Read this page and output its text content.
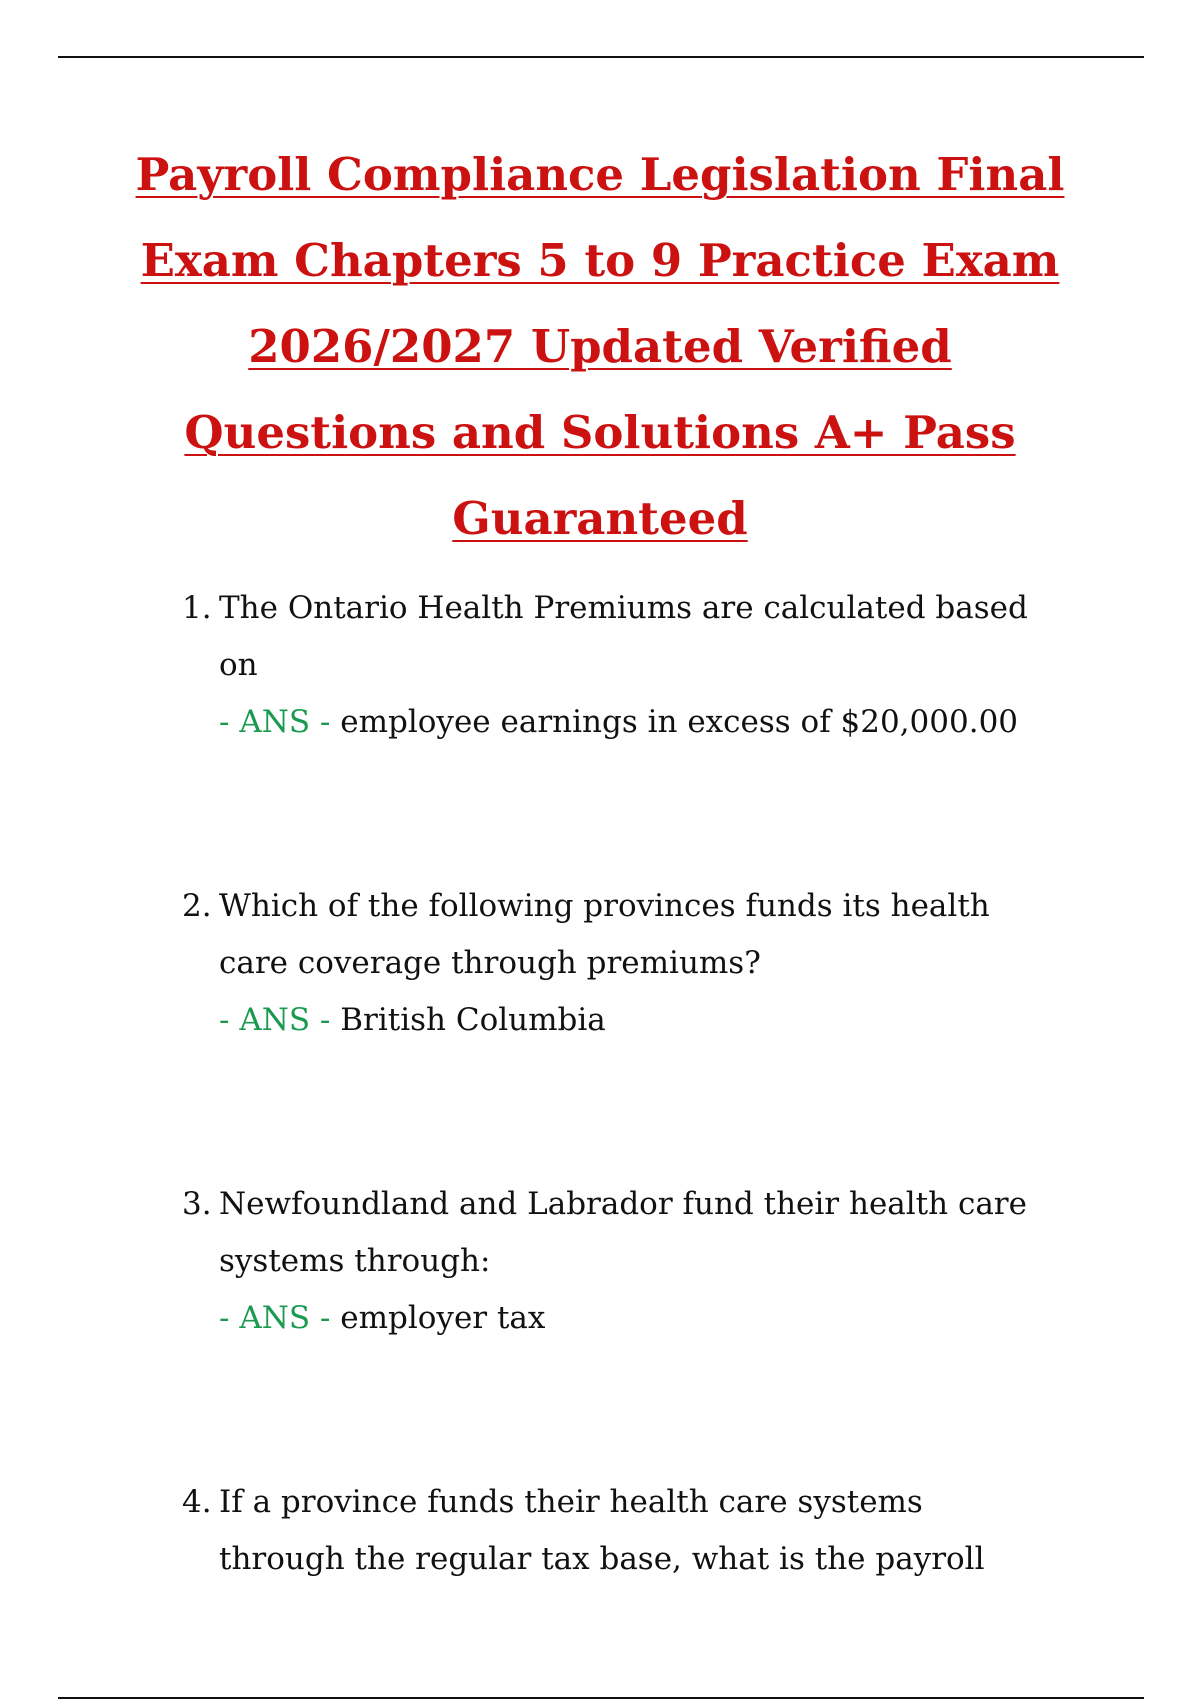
Payroll Compliance Legislation Final
Exam Chapters 5 to 9 Practice Exam
2026/2027 Updated Verified
Questions and Solutions A+ Pass
Guaranteed
1. The Ontario Health Premiums are calculated based
on
- ANS - employee earnings in excess of $20,000.00
2. Which of the following provinces funds its health
care coverage through premiums?
- ANS - British Columbia
3. Newfoundland and Labrador fund their health care
systems through:
- ANS - employer tax
4. If a province funds their health care systems
through the regular tax base, what is the payroll
